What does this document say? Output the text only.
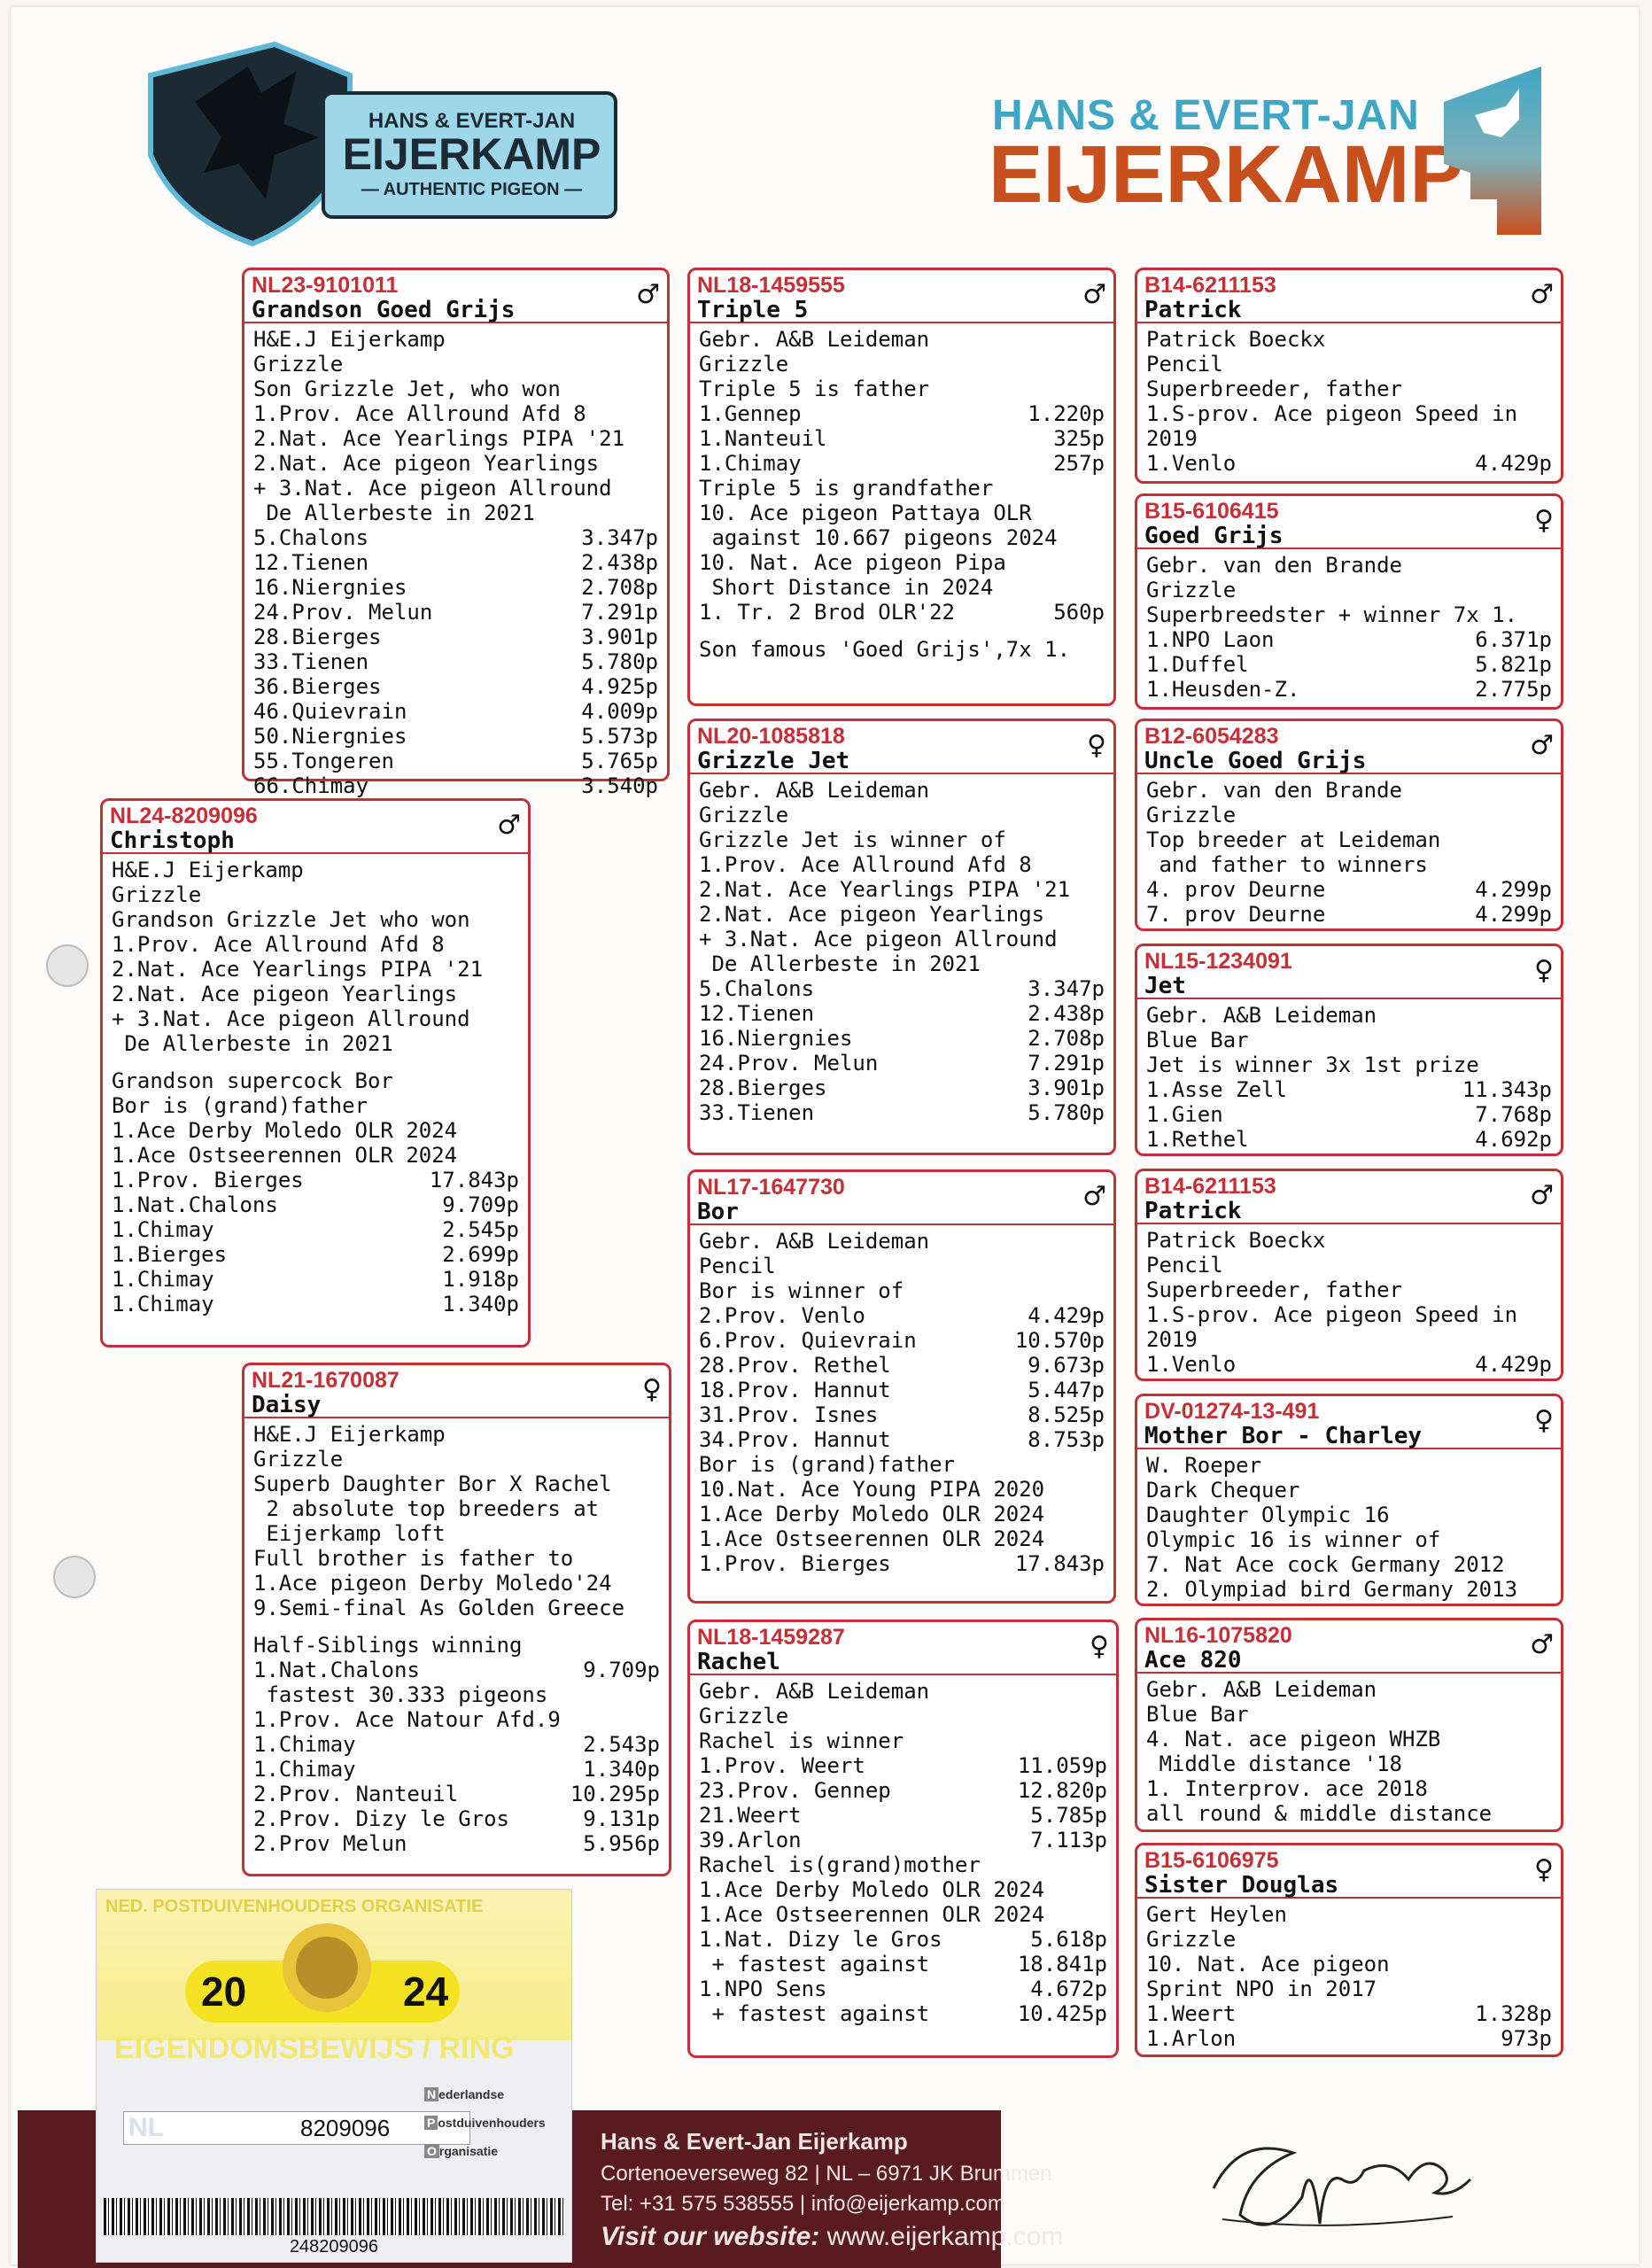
HANS & EVERT-JAN
EIJERKAMP
— AUTHENTIC PIGEON —
HANS & EVERT-JAN
EIJERKAMP
NL23-9101011
Grandson Goed Grijs	♂
H&E.J Eijerkamp
Grizzle
Son Grizzle Jet, who won
1.Prov. Ace Allround Afd 8
2.Nat. Ace Yearlings PIPA '21
2.Nat. Ace pigeon Yearlings
+ 3.Nat. Ace pigeon Allround
De Allerbeste in 2021
5.Chalons	3.347p
12.Tienen	2.438p
16.Niergnies	2.708p
24.Prov. Melun	7.291p
28.Bierges	3.901p
33.Tienen	5.780p
36.Bierges	4.925p
46.Quievrain	4.009p
50.Niergnies	5.573p
55.Tongeren	5.765p
66.Chimay	3.540p
NL24-8209096
Christoph	♂
H&E.J Eijerkamp
Grizzle
Grandson Grizzle Jet who won
1.Prov. Ace Allround Afd 8
2.Nat. Ace Yearlings PIPA '21
2.Nat. Ace pigeon Yearlings
+ 3.Nat. Ace pigeon Allround
De Allerbeste in 2021
Grandson supercock Bor
Bor is (grand)father
1.Ace Derby Moledo OLR 2024
1.Ace Ostseerennen OLR 2024
1.Prov. Bierges	17.843p
1.Nat.Chalons	9.709p
1.Chimay	2.545p
1.Bierges	2.699p
1.Chimay	1.918p
1.Chimay	1.340p
NL21-1670087
Daisy	♀
H&E.J Eijerkamp
Grizzle
Superb Daughter Bor X Rachel
2 absolute top breeders at
Eijerkamp loft
Full brother is father to
1.Ace pigeon Derby Moledo'24
9.Semi-final As Golden Greece
Half-Siblings winning
1.Nat.Chalons	9.709p
fastest 30.333 pigeons
1.Prov. Ace Natour Afd.9
1.Chimay	2.543p
1.Chimay	1.340p
2.Prov. Nanteuil	10.295p
2.Prov. Dizy le Gros	9.131p
2.Prov Melun	5.956p
NL18-1459555
Triple 5	♂
Gebr. A&B Leideman
Grizzle
Triple 5 is father
1.Gennep	1.220p
1.Nanteuil	325p
1.Chimay	257p
Triple 5 is grandfather
10. Ace pigeon Pattaya OLR
against 10.667 pigeons 2024
10. Nat. Ace pigeon Pipa
Short Distance in 2024
1. Tr. 2 Brod OLR'22	560p
Son famous 'Goed Grijs',7x 1.
NL20-1085818
Grizzle Jet	♀
Gebr. A&B Leideman
Grizzle
Grizzle Jet is winner of
1.Prov. Ace Allround Afd 8
2.Nat. Ace Yearlings PIPA '21
2.Nat. Ace pigeon Yearlings
+ 3.Nat. Ace pigeon Allround
De Allerbeste in 2021
5.Chalons	3.347p
12.Tienen	2.438p
16.Niergnies	2.708p
24.Prov. Melun	7.291p
28.Bierges	3.901p
33.Tienen	5.780p
NL17-1647730
Bor	♂
Gebr. A&B Leideman
Pencil
Bor is winner of
2.Prov. Venlo	4.429p
6.Prov. Quievrain	10.570p
28.Prov. Rethel	9.673p
18.Prov. Hannut	5.447p
31.Prov. Isnes	8.525p
34.Prov. Hannut	8.753p
Bor is (grand)father
10.Nat. Ace Young PIPA 2020
1.Ace Derby Moledo OLR 2024
1.Ace Ostseerennen OLR 2024
1.Prov. Bierges	17.843p
NL18-1459287
Rachel	♀
Gebr. A&B Leideman
Grizzle
Rachel is winner
1.Prov. Weert	11.059p
23.Prov. Gennep	12.820p
21.Weert	5.785p
39.Arlon	7.113p
Rachel is(grand)mother
1.Ace Derby Moledo OLR 2024
1.Ace Ostseerennen OLR 2024
1.Nat. Dizy le Gros	5.618p
+ fastest against	18.841p
1.NPO Sens	4.672p
+ fastest against	10.425p
B14-6211153
Patrick	♂
Patrick Boeckx
Pencil
Superbreeder, father
1.S-prov. Ace pigeon Speed in
2019
1.Venlo	4.429p
B15-6106415
Goed Grijs	♀
Gebr. van den Brande
Grizzle
Superbreedster + winner 7x 1.
1.NPO Laon	6.371p
1.Duffel	5.821p
1.Heusden-Z.	2.775p
B12-6054283
Uncle Goed Grijs	♂
Gebr. van den Brande
Grizzle
Top breeder at Leideman
and father to winners
4. prov Deurne	4.299p
7. prov Deurne	4.299p
NL15-1234091
Jet	♀
Gebr. A&B Leideman
Blue Bar
Jet is winner 3x 1st prize
1.Asse Zell	11.343p
1.Gien	7.768p
1.Rethel	4.692p
B14-6211153
Patrick	♂
Patrick Boeckx
Pencil
Superbreeder, father
1.S-prov. Ace pigeon Speed in
2019
1.Venlo	4.429p
DV-01274-13-491
Mother Bor - Charley	♀
W. Roeper
Dark Chequer
Daughter Olympic 16
Olympic 16 is winner of
7. Nat Ace cock Germany 2012
2. Olympiad bird Germany 2013
NL16-1075820
Ace 820	♂
Gebr. A&B Leideman
Blue Bar
4. Nat. ace pigeon WHZB
Middle distance '18
1. Interprov. ace 2018
all round & middle distance
B15-6106975
Sister Douglas	♀
Gert Heylen
Grizzle
10. Nat. Ace pigeon
Sprint NPO in 2017
1.Weert	1.328p
1.Arlon	973p
Hans & Evert-Jan Eijerkamp
Cortenoeverseweg 82 | NL – 6971 JK Brummen
Tel: +31 575 538555 | info@eijerkamp.com
Visit our website: www.eijerkamp.com
NED. POSTDUIVENHOUDERS ORGANISATIE
20	24
EIGENDOMSBEWIJS / RING
NL	8209096
N ederlandse
P ostduivenhouders
O rganisatie
248209096
